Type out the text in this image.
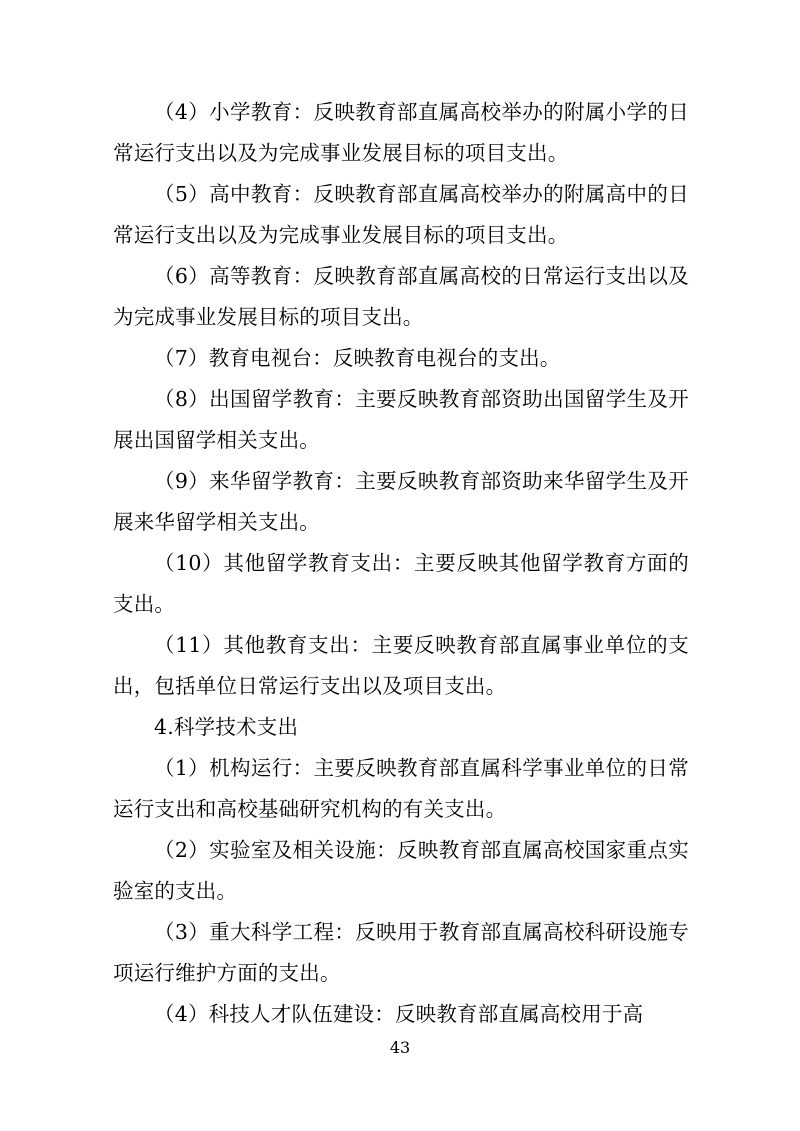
（4）小学教育：反映教育部直属高校举办的附属小学的日常运行支出以及为完成事业发展目标的项目支出。

（5）高中教育：反映教育部直属高校举办的附属高中的日常运行支出以及为完成事业发展目标的项目支出。

（6）高等教育：反映教育部直属高校的日常运行支出以及为完成事业发展目标的项目支出。

（7）教育电视台：反映教育电视台的支出。

（8）出国留学教育：主要反映教育部资助出国留学生及开展出国留学相关支出。

（9）来华留学教育：主要反映教育部资助来华留学生及开展来华留学相关支出。

（10）其他留学教育支出：主要反映其他留学教育方面的支出。

（11）其他教育支出：主要反映教育部直属事业单位的支出，包括单位日常运行支出以及项目支出。

4.科学技术支出

（1）机构运行：主要反映教育部直属科学事业单位的日常运行支出和高校基础研究机构的有关支出。

（2）实验室及相关设施：反映教育部直属高校国家重点实验室的支出。

（3）重大科学工程：反映用于教育部直属高校科研设施专项运行维护方面的支出。

（4）科技人才队伍建设：反映教育部直属高校用于高

43
